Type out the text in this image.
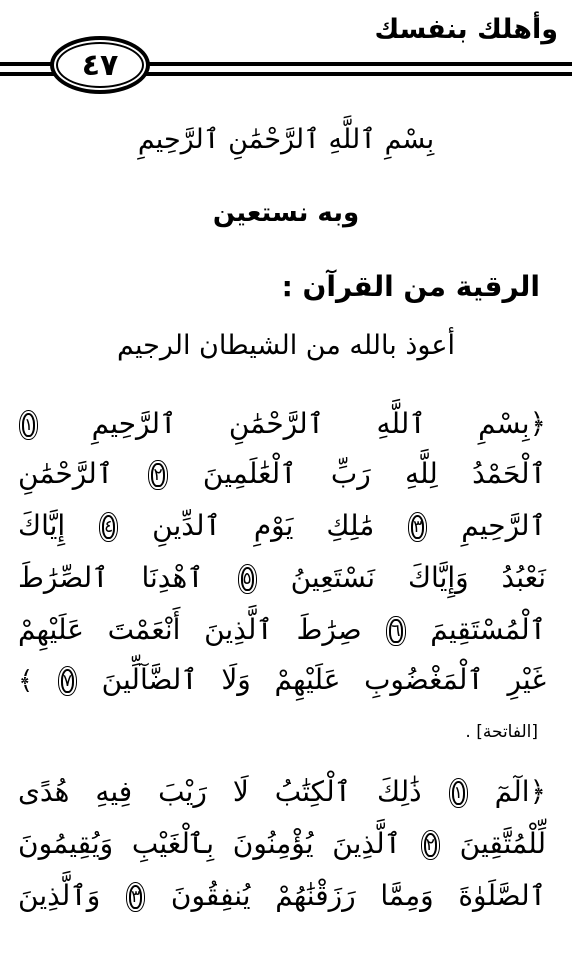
وأهلك بنفسك
٤٧
بِسْمِ ٱللَّهِ ٱلرَّحْمَٰنِ ٱلرَّحِيمِ
وبه نستعين
الرقية من القرآن :
أعوذ بالله من الشيطان الرجيم
﴿بِسْمِ ٱللَّهِ ٱلرَّحْمَٰنِ ٱلرَّحِيمِ ١
ٱلْحَمْدُ لِلَّهِ رَبِّ ٱلْعَٰلَمِينَ ٢ ٱلرَّحْمَٰنِ
ٱلرَّحِيمِ ٣ مَٰلِكِ يَوْمِ ٱلدِّينِ ٤ إِيَّاكَ
نَعْبُدُ وَإِيَّاكَ نَسْتَعِينُ ٥ ٱهْدِنَا ٱلصِّرَٰطَ
ٱلْمُسْتَقِيمَ ٦ صِرَٰطَ ٱلَّذِينَ أَنْعَمْتَ عَلَيْهِمْ
غَيْرِ ٱلْمَغْضُوبِ عَلَيْهِمْ وَلَا ٱلضَّآلِّينَ ٧ ﴾
[الفاتحة] .
﴿الٓمٓ ١ ذَٰلِكَ ٱلْكِتَٰبُ لَا رَيْبَ فِيهِ هُدًى
لِّلْمُتَّقِينَ ٢ ٱلَّذِينَ يُؤْمِنُونَ بِٱلْغَيْبِ وَيُقِيمُونَ
ٱلصَّلَوٰةَ وَمِمَّا رَزَقْنَٰهُمْ يُنفِقُونَ ٣ وَٱلَّذِينَ
